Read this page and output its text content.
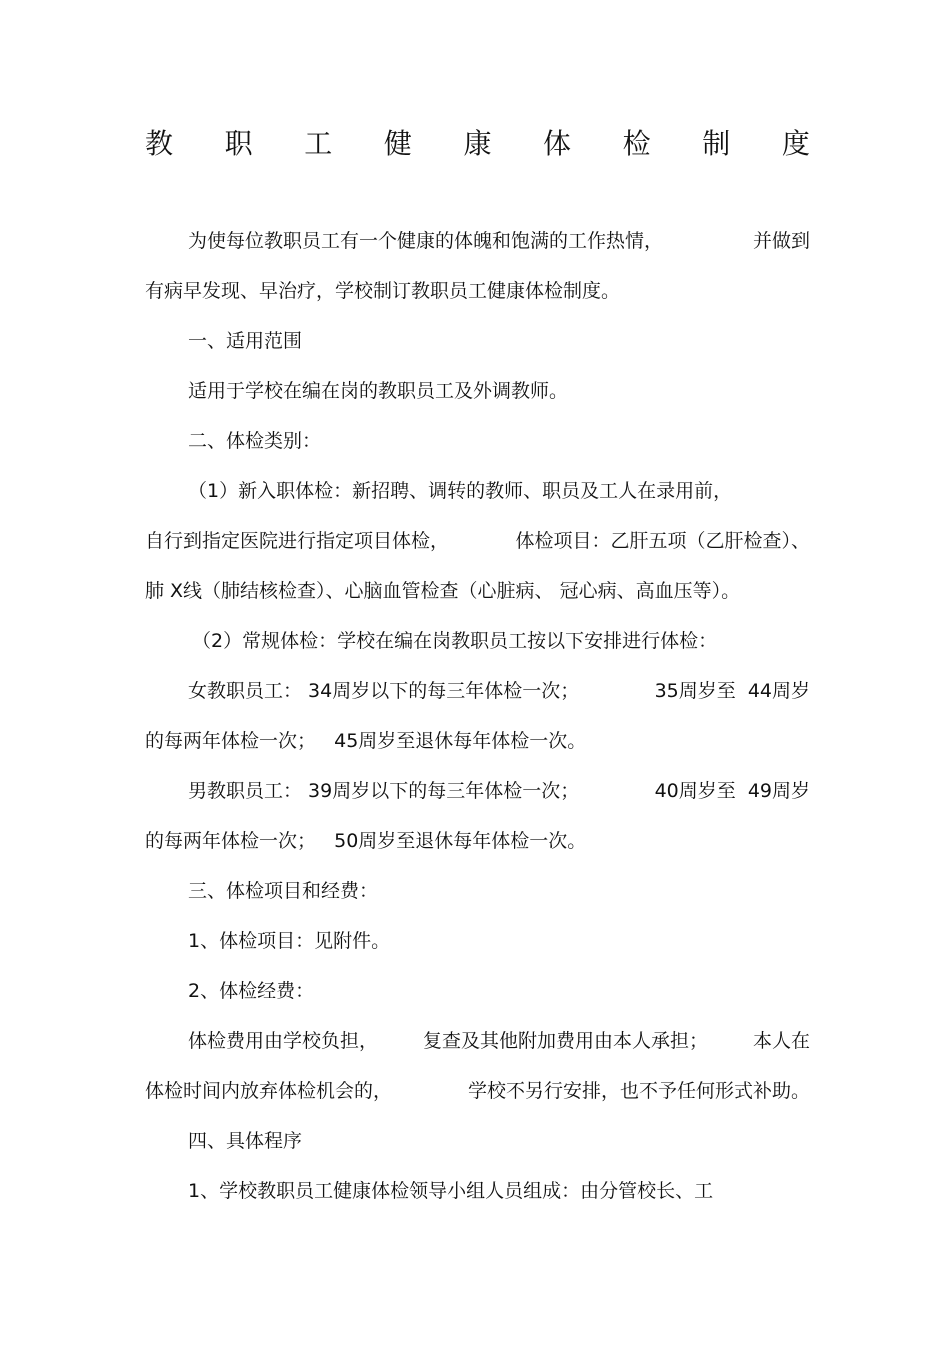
教 职 工 健 康 体 检 制 度
为使每位教职员工有一个健康的体魄和饱满的工作热情，	并做到
有病早发现、早治疗，学校制订教职员工健康体检制度。
一、适用范围
适用于学校在编在岗的教职员工及外调教师。
二、体检类别：
（1）新入职体检：新招聘、调转的教师、职员及工人在录用前，
自行到指定医院进行指定项目体检，	体检项目：乙肝五项（乙肝检查）、
肺 X线（肺结核检查）、心脑血管检查（心脏病、 冠心病、高血压等）。
（2）常规体检：学校在编在岗教职员工按以下安排进行体检：
女教职员工： 34周岁以下的每三年体检一次；	35周岁至  44周岁
的每两年体检一次；   45周岁至退休每年体检一次。
男教职员工： 39周岁以下的每三年体检一次；	40周岁至  49周岁
的每两年体检一次；   50周岁至退休每年体检一次。
三、体检项目和经费：
1、体检项目：见附件。
2、体检经费：
体检费用由学校负担， 复查及其他附加费用由本人承担； 本人在
体检时间内放弃体检机会的，	学校不另行安排，也不予任何形式补助。
四、具体程序
1、学校教职员工健康体检领导小组人员组成：由分管校长、工
